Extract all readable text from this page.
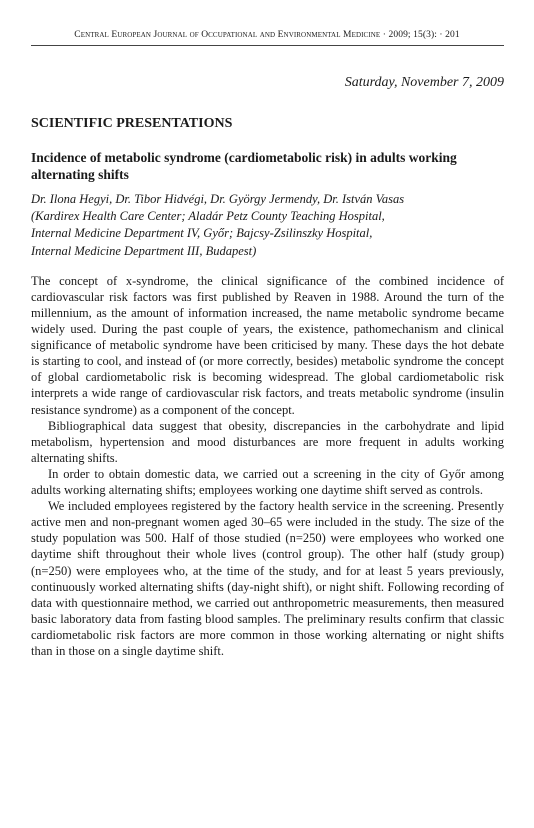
Central European Journal of Occupational and Environmental Medicine · 2009; 15(3): · 201
Saturday, November 7, 2009
SCIENTIFIC PRESENTATIONS
Incidence of metabolic syndrome (cardiometabolic risk) in adults working alternating shifts
Dr. Ilona Hegyi, Dr. Tibor Hidvégi, Dr. György Jermendy, Dr. István Vasas
(Kardirex Health Care Center; Aladár Petz County Teaching Hospital,
Internal Medicine Department IV, Győr; Bajcsy-Zsilinszky Hospital,
Internal Medicine Department III, Budapest)

The concept of x-syndrome, the clinical significance of the combined incidence of cardiovascular risk factors was first published by Reaven in 1988. Around the turn of the millennium, as the amount of information increased, the name metabolic syndrome became widely used. During the past couple of years, the existence, pathomechanism and clinical significance of metabolic syndrome have been criticised by many. These days the hot debate is starting to cool, and instead of (or more correctly, besides) metabolic syndrome the concept of global cardiometabolic risk is becoming widespread. The global cardiometabolic risk interprets a wide range of cardiovascular risk factors, and treats metabolic syndrome (insulin resistance syndrome) as a component of the concept.

Bibliographical data suggest that obesity, discrepancies in the carbohydrate and lipid metabolism, hypertension and mood disturbances are more frequent in adults working alternating shifts.

In order to obtain domestic data, we carried out a screening in the city of Győr among adults working alternating shifts; employees working one daytime shift served as controls.

We included employees registered by the factory health service in the screening. Presently active men and non-pregnant women aged 30–65 were included in the study. The size of the study population was 500. Half of those studied (n=250) were employees who worked one daytime shift throughout their whole lives (control group). The other half (study group) (n=250) were employees who, at the time of the study, and for at least 5 years previously, continuously worked alternating shifts (day-night shift), or night shift. Following recording of data with questionnaire method, we carried out anthropometric measurements, then measured basic laboratory data from fasting blood samples. The preliminary results confirm that classic cardiometabolic risk factors are more common in those working alternating or night shifts than in those on a single daytime shift.
